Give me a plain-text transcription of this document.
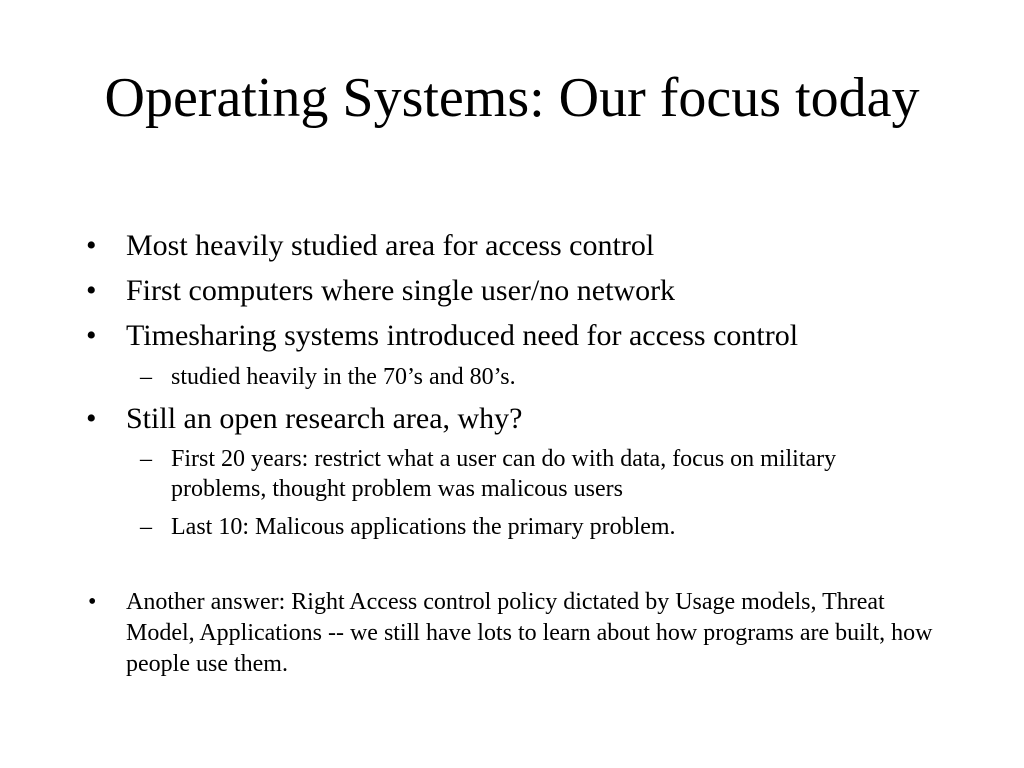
Operating Systems: Our focus today
• Most heavily studied area for access control
• First computers where single user/no network
• Timesharing systems introduced need for access control
– studied heavily in the 70’s and 80’s.
• Still an open research area, why?
– First 20 years: restrict what a user can do with data, focus on military problems, thought problem was malicous users
– Last 10: Malicous applications the primary problem.
• Another answer: Right Access control policy dictated by Usage models, Threat Model, Applications -- we still have lots to learn about how programs are built, how people use them.
